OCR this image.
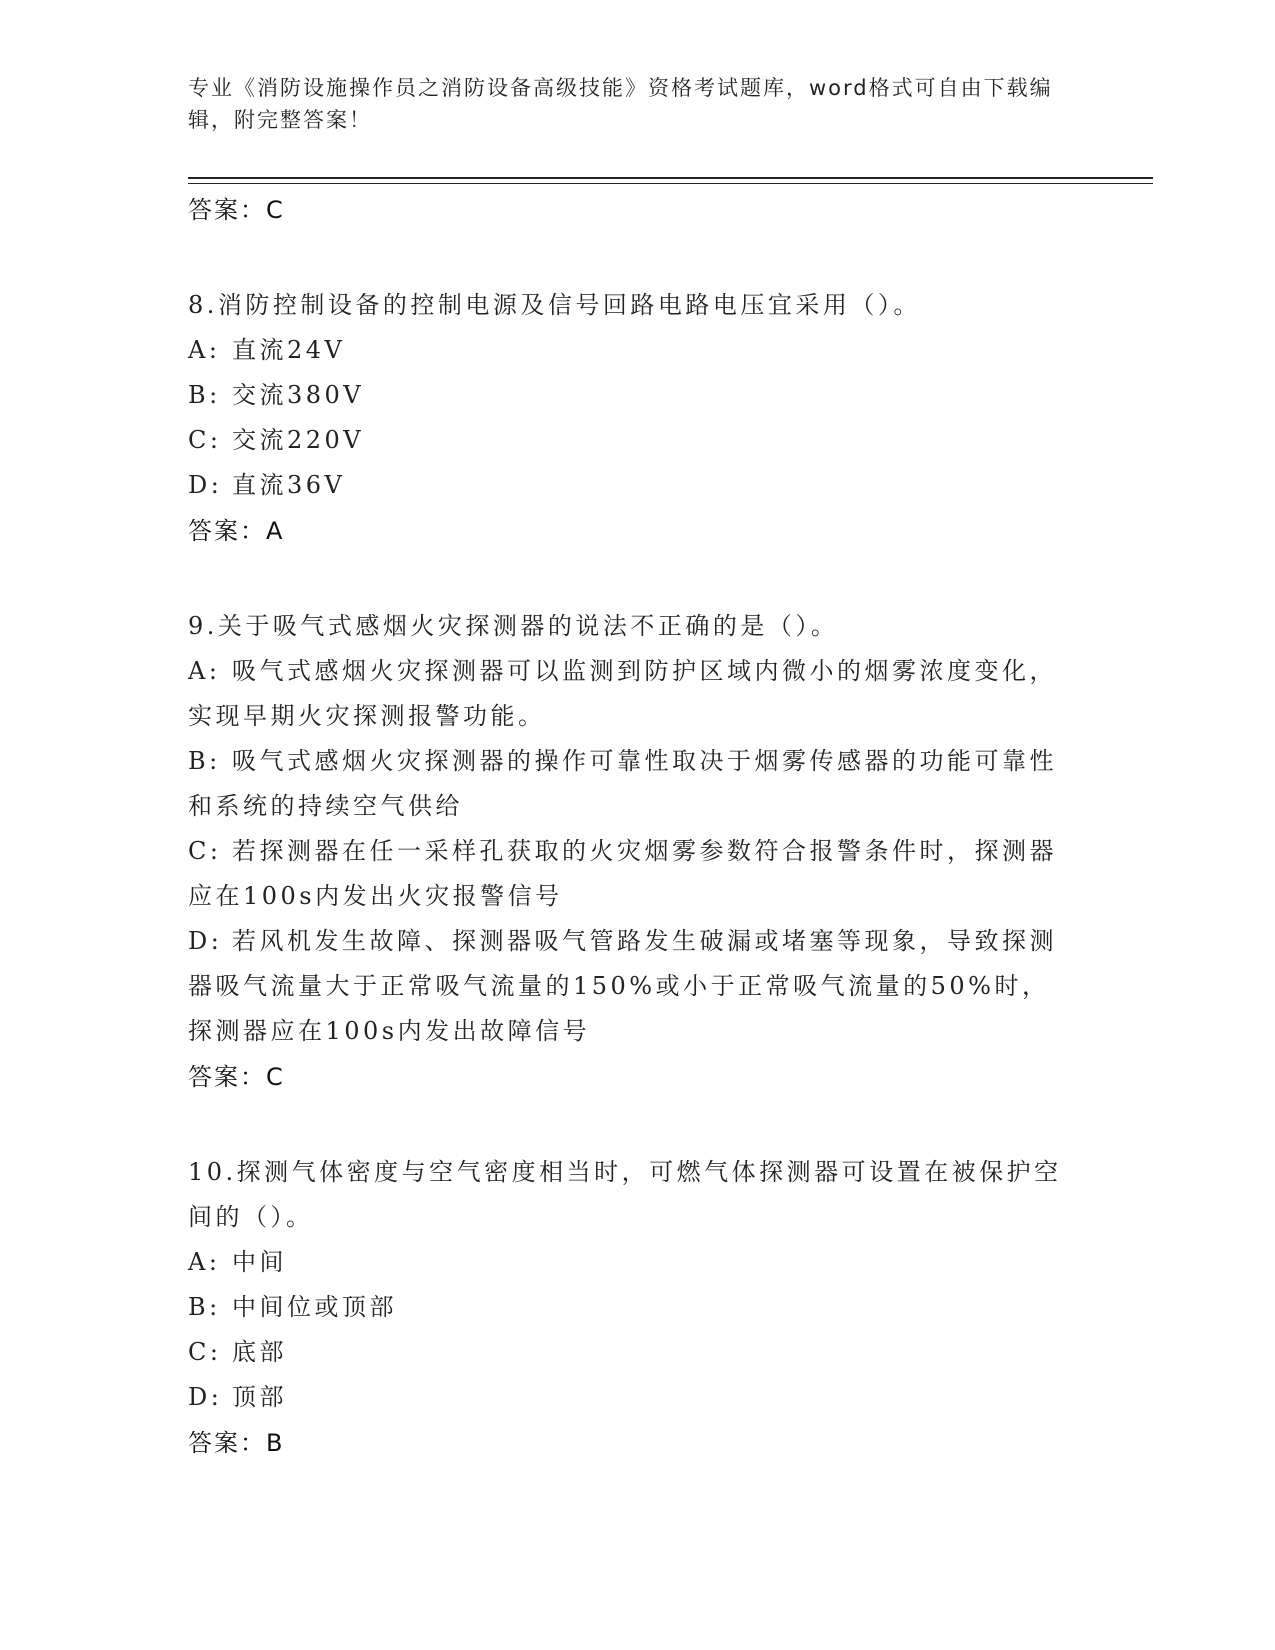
专业《消防设施操作员之消防设备高级技能》资格考试题库，word格式可自由下载编辑，附完整答案！
答案：C
8.消防控制设备的控制电源及信号回路电路电压宜采用（）。
A: 直流24V
B: 交流380V
C: 交流220V
D: 直流36V
答案：A
9.关于吸气式感烟火灾探测器的说法不正确的是（）。
A: 吸气式感烟火灾探测器可以监测到防护区域内微小的烟雾浓度变化，实现早期火灾探测报警功能。
B: 吸气式感烟火灾探测器的操作可靠性取决于烟雾传感器的功能可靠性和系统的持续空气供给
C: 若探测器在任一采样孔获取的火灾烟雾参数符合报警条件时，探测器应在100s内发出火灾报警信号
D: 若风机发生故障、探测器吸气管路发生破漏或堵塞等现象，导致探测器吸气流量大于正常吸气流量的150%或小于正常吸气流量的50%时，探测器应在100s内发出故障信号
答案：C
10.探测气体密度与空气密度相当时，可燃气体探测器可设置在被保护空间的（）。
A: 中间
B: 中间位或顶部
C: 底部
D: 顶部
答案：B
